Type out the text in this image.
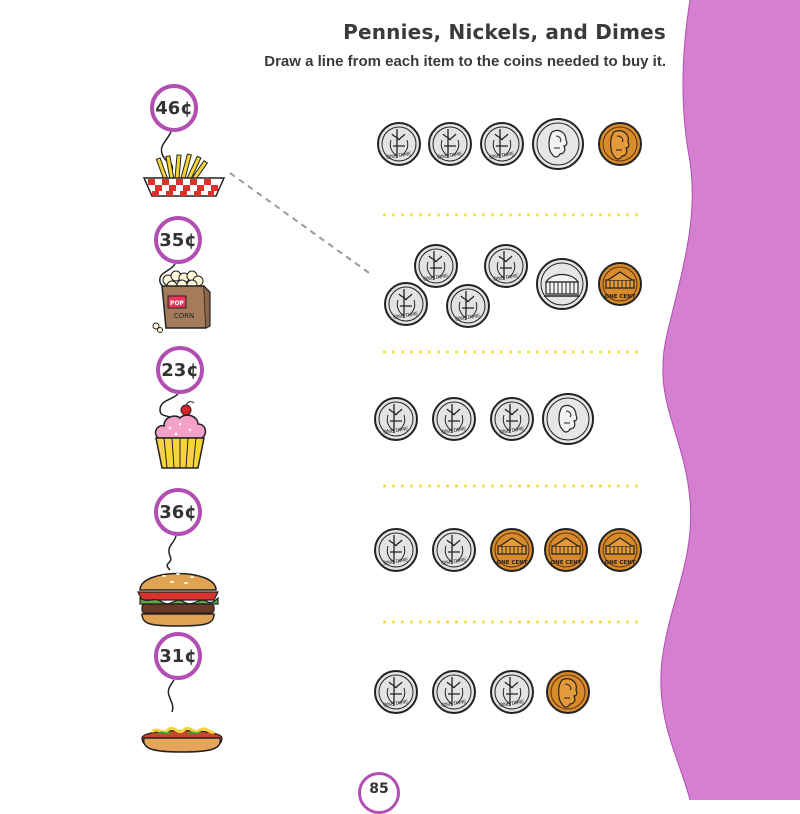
Pennies, Nickels, and Dimes
Draw a line from each item to the coins needed to buy it.
46¢
35¢
POP
CORN
23¢
36¢
31¢
85
